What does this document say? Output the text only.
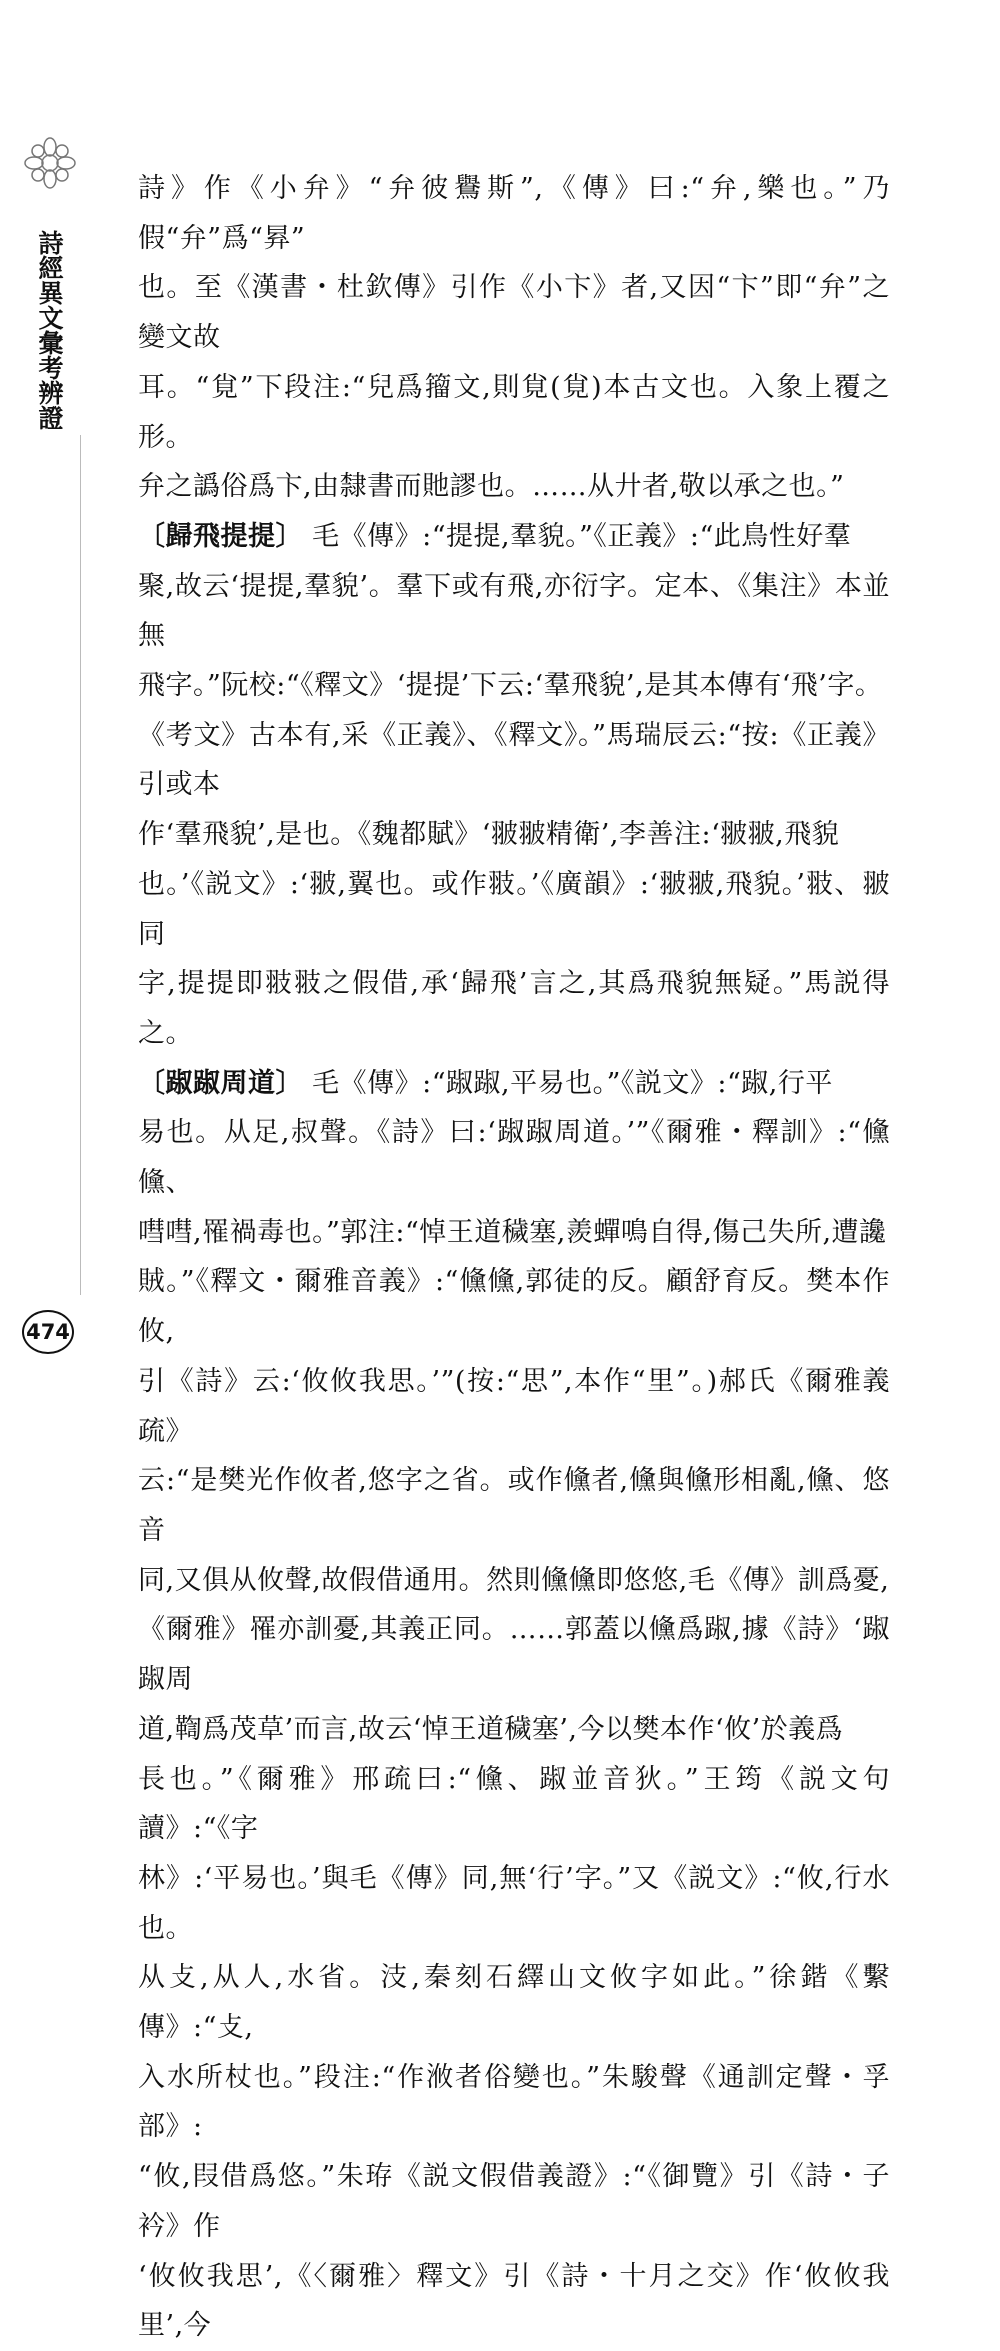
詩經異文彙考辨證
474

詩》作《小弁》“弁彼鸒斯”,《傳》曰:“弁,樂也。”乃假“弁”爲“昪”
也。至《漢書・杜欽傳》引作《小卞》者,又因“卞”即“弁”之變文故
耳。“覍”下段注:“兒爲籀文,則覍(覍)本古文也。入象上覆之形。
弁之譌俗爲卞,由隸書而貤謬也。……从廾者,敬以承之也。”

〔歸飛提提〕 毛《傳》:“提提,羣貌。”《正義》:“此鳥性好羣
聚,故云‘提提,羣貌’。羣下或有飛,亦衍字。定本、《集注》本並無
飛字。”阮校:“《釋文》‘提提’下云:‘羣飛貌’,是其本傳有‘飛’字。
《考文》古本有,采《正義》、《釋文》。”馬瑞辰云:“按:《正義》引或本
作‘羣飛貌’,是也。《魏都賦》‘翍翍精衛’,李善注:‘翍翍,飛貌
也。’《説文》:‘翍,翼也。或作翄。’《廣韻》:‘翍翍,飛貌。’翄、翍同
字,提提即翄翄之假借,承‘歸飛’言之,其爲飛貌無疑。”馬説得之。

〔踧踧周道〕 毛《傳》:“踧踧,平易也。”《説文》:“踧,行平
易也。从足,叔聲。《詩》曰:‘踧踧周道。’”《爾雅・釋訓》:“儵儵、
嘒嘒,罹禍毒也。”郭注:“悼王道穢塞,羨蟬鳴自得,傷己失所,遭讒
賊。”《釋文・爾雅音義》:“儵儵,郭徒的反。顧舒育反。樊本作攸,
引《詩》云:‘攸攸我思。’”(按:“思”,本作“里”。)郝氏《爾雅義疏》
云:“是樊光作攸者,悠字之省。或作儵者,儵與儵形相亂,儵、悠音
同,又俱从攸聲,故假借通用。然則儵儵即悠悠,毛《傳》訓爲憂,
《爾雅》罹亦訓憂,其義正同。……郭蓋以儵爲踧,據《詩》‘踧踧周
道,鞫爲茂草’而言,故云‘悼王道穢塞’,今以樊本作‘攸’於義爲
長也。”《爾雅》邢疏曰:“儵、踧並音狄。”王筠《説文句讀》:“《字
林》:‘平易也。’與毛《傳》同,無‘行’字。”又《説文》:“攸,行水也。
从攴,从人,水省。汥,秦刻石繹山文攸字如此。”徐鍇《繫傳》:“攴,
入水所杖也。”段注:“作浟者俗變也。”朱駿聲《通訓定聲・孚部》:
“攸,叚借爲悠。”朱珔《説文假借義證》:“《御覽》引《詩・子衿》作
‘攸攸我思’,《〈爾雅〉釋文》引《詩・十月之交》作‘攸攸我里’,今
